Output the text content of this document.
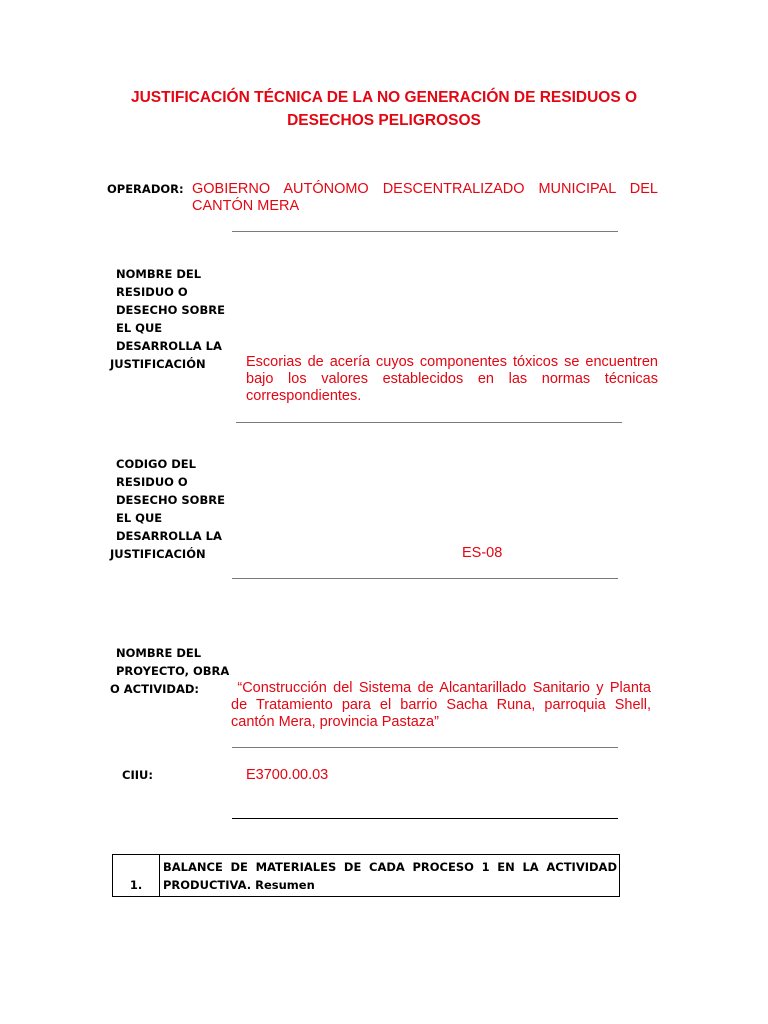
JUSTIFICACIÓN TÉCNICA DE LA NO GENERACIÓN DE RESIDUOS O
DESECHOS PELIGROSOS
OPERADOR: GOBIERNO AUTÓNOMO DESCENTRALIZADO MUNICIPAL DEL CANTÓN MERA
NOMBRE DEL
RESIDUO O
DESECHO SOBRE
EL QUE
DESARROLLA LA
JUSTIFICACIÓN	Escorias de acería cuyos componentes tóxicos se encuentren bajo los valores establecidos en las normas técnicas correspondientes.
CODIGO DEL
RESIDUO O
DESECHO SOBRE
EL QUE
DESARROLLA LA
JUSTIFICACIÓN	ES-08
NOMBRE DEL
PROYECTO, OBRA
O ACTIVIDAD:	“Construcción del Sistema de Alcantarillado Sanitario y Planta de Tratamiento para el barrio Sacha Runa, parroquia Shell, cantón Mera, provincia Pastaza”
CIIU:	E3700.00.03
1.	BALANCE DE MATERIALES DE CADA PROCESO 1 EN LA ACTIVIDAD PRODUCTIVA. Resumen
